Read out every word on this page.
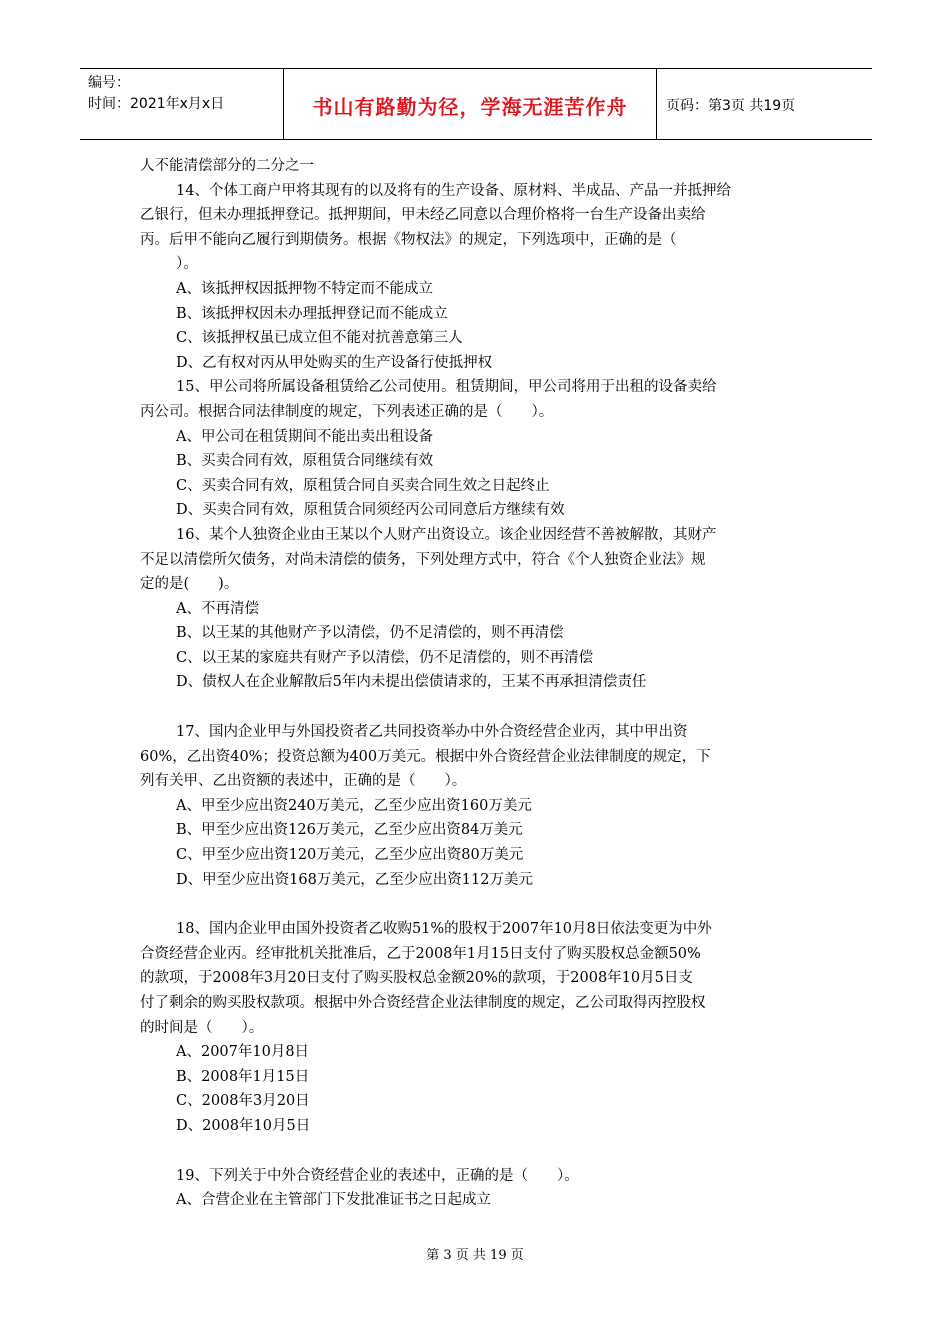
编号：
时间：2021年x月x日	书山有路勤为径，学海无涯苦作舟	页码：第3页 共19页
人不能清偿部分的二分之一
14、个体工商户甲将其现有的以及将有的生产设备、原材料、半成品、产品一并抵押给
乙银行，但未办理抵押登记。抵押期间，甲未经乙同意以合理价格将一台生产设备出卖给
丙。后甲不能向乙履行到期债务。根据《物权法》的规定，下列选项中，正确的是（
）。
A、该抵押权因抵押物不特定而不能成立
B、该抵押权因未办理抵押登记而不能成立
C、该抵押权虽已成立但不能对抗善意第三人
D、乙有权对丙从甲处购买的生产设备行使抵押权
15、甲公司将所属设备租赁给乙公司使用。租赁期间，甲公司将用于出租的设备卖给
丙公司。根据合同法律制度的规定，下列表述正确的是（　　）。
A、甲公司在租赁期间不能出卖出租设备
B、买卖合同有效，原租赁合同继续有效
C、买卖合同有效，原租赁合同自买卖合同生效之日起终止
D、买卖合同有效，原租赁合同须经丙公司同意后方继续有效
16、某个人独资企业由王某以个人财产出资设立。该企业因经营不善被解散，其财产
不足以清偿所欠债务，对尚未清偿的债务，下列处理方式中，符合《个人独资企业法》规
定的是(　　)。
A、不再清偿
B、以王某的其他财产予以清偿，仍不足清偿的，则不再清偿
C、以王某的家庭共有财产予以清偿，仍不足清偿的，则不再清偿
D、债权人在企业解散后5年内未提出偿债请求的，王某不再承担清偿责任
17、国内企业甲与外国投资者乙共同投资举办中外合资经营企业丙，其中甲出资
60%，乙出资40%；投资总额为400万美元。根据中外合资经营企业法律制度的规定，下
列有关甲、乙出资额的表述中，正确的是（　　）。
A、甲至少应出资240万美元，乙至少应出资160万美元
B、甲至少应出资126万美元，乙至少应出资84万美元
C、甲至少应出资120万美元，乙至少应出资80万美元
D、甲至少应出资168万美元，乙至少应出资112万美元
18、国内企业甲由国外投资者乙收购51%的股权于2007年10月8日依法变更为中外
合资经营企业丙。经审批机关批准后，乙于2008年1月15日支付了购买股权总金额50%
的款项，于2008年3月20日支付了购买股权总金额20%的款项，于2008年10月5日支
付了剩余的购买股权款项。根据中外合资经营企业法律制度的规定，乙公司取得丙控股权
的时间是（　　）。
A、2007年10月8日
B、2008年1月15日
C、2008年3月20日
D、2008年10月5日
19、下列关于中外合资经营企业的表述中，正确的是（　　）。
A、合营企业在主管部门下发批准证书之日起成立
第 3 页 共 19 页
